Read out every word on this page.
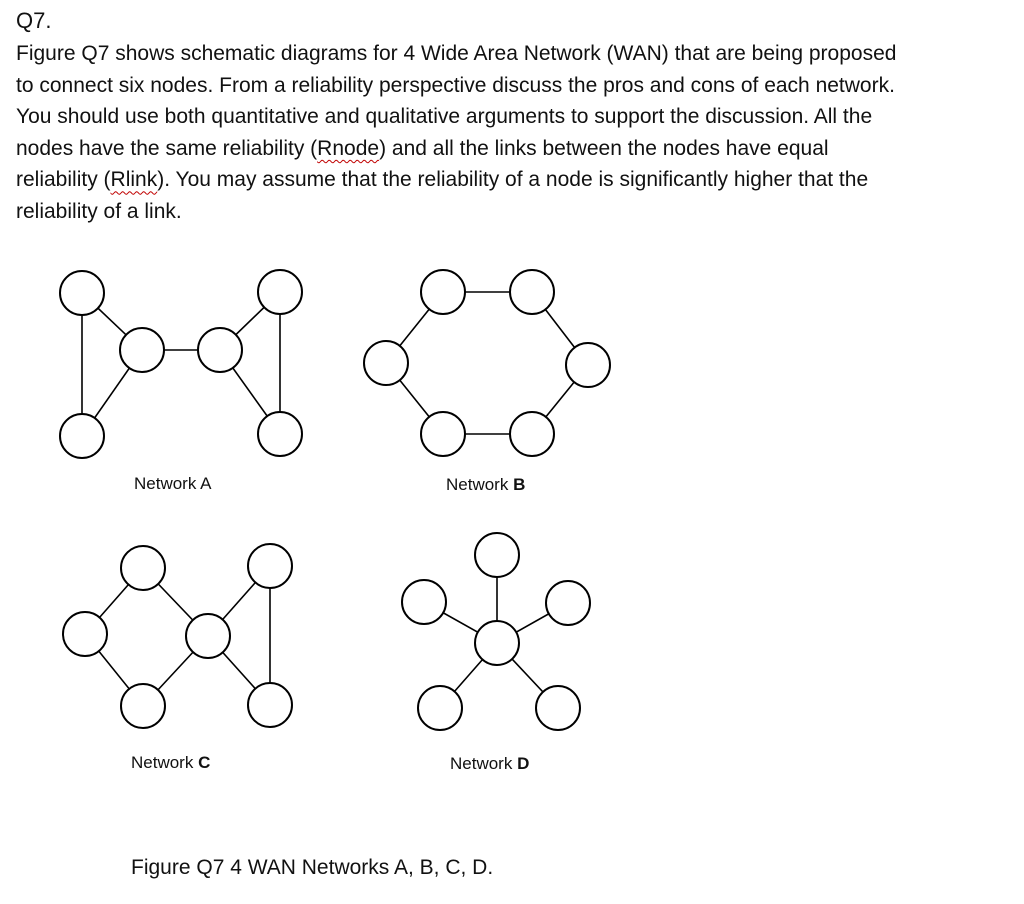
Q7.
Figure Q7 shows schematic diagrams for 4 Wide Area Network (WAN) that are being proposed
to connect six nodes. From a reliability perspective discuss the pros and cons of each network.
You should use both quantitative and qualitative arguments to support the discussion. All the
nodes have the same reliability (Rnode) and all the links between the nodes have equal
reliability (Rlink). You may assume that the reliability of a node is significantly higher that the
reliability of a link.
Network A	Network B
Network C	Network D
Figure Q7 4 WAN Networks A, B, C, D.
